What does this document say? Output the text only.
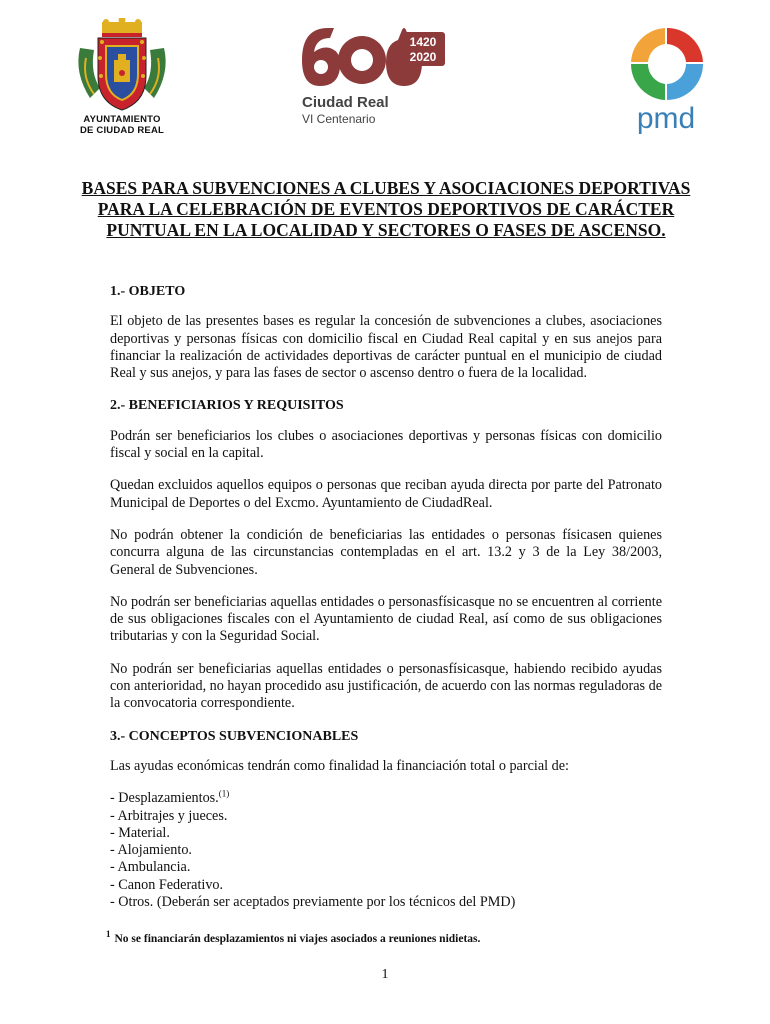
AYUNTAMIENTO
DE CIUDAD REAL
1420
2020
Ciudad Real
VI Centenario	pmd
BASES PARA SUBVENCIONES A CLUBES Y ASOCIACIONES DEPORTIVAS PARA LA CELEBRACIÓN DE EVENTOS DEPORTIVOS DE CARÁCTER PUNTUAL EN LA LOCALIDAD Y SECTORES O FASES DE ASCENSO.
1.- OBJETO
El objeto de las presentes bases es regular la concesión de subvenciones a clubes, asociaciones deportivas y personas físicas con domicilio fiscal en Ciudad Real capital y en sus anejos para financiar la realización de actividades deportivas de carácter puntual en el municipio de ciudad Real y sus anejos, y para las fases de sector o ascenso dentro o fuera de la localidad.
2.- BENEFICIARIOS Y REQUISITOS
Podrán ser beneficiarios los clubes o asociaciones deportivas y personas físicas con domicilio fiscal y social en la capital.
Quedan excluidos aquellos equipos o personas que reciban ayuda directa por parte del Patronato Municipal de Deportes o del Excmo. Ayuntamiento de CiudadReal.
No podrán obtener la condición de beneficiarias las entidades o personas físicasen quienes concurra alguna de las circunstancias contempladas en el art. 13.2 y 3 de la Ley 38/2003, General de Subvenciones.
No podrán ser beneficiarias aquellas entidades o personasfísicasque no se encuentren al corriente de sus obligaciones fiscales con el Ayuntamiento de ciudad Real, así como de sus obligaciones tributarias y con la Seguridad Social.
No podrán ser beneficiarias aquellas entidades o personasfísicasque, habiendo recibido ayudas con anterioridad, no hayan procedido asu justificación, de acuerdo con las normas reguladoras de la convocatoria correspondiente.
3.- CONCEPTOS SUBVENCIONABLES
Las ayudas económicas tendrán como finalidad la financiación total o parcial de:
- Desplazamientos.$^{(1)}$
- Arbitrajes y jueces.
- Material.
- Alojamiento.
- Ambulancia.
- Canon Federativo.
- Otros. (Deberán ser aceptados previamente por los técnicos del PMD)
$^1$ No se financiarán desplazamientos ni viajes asociados a reuniones nidietas.
1
